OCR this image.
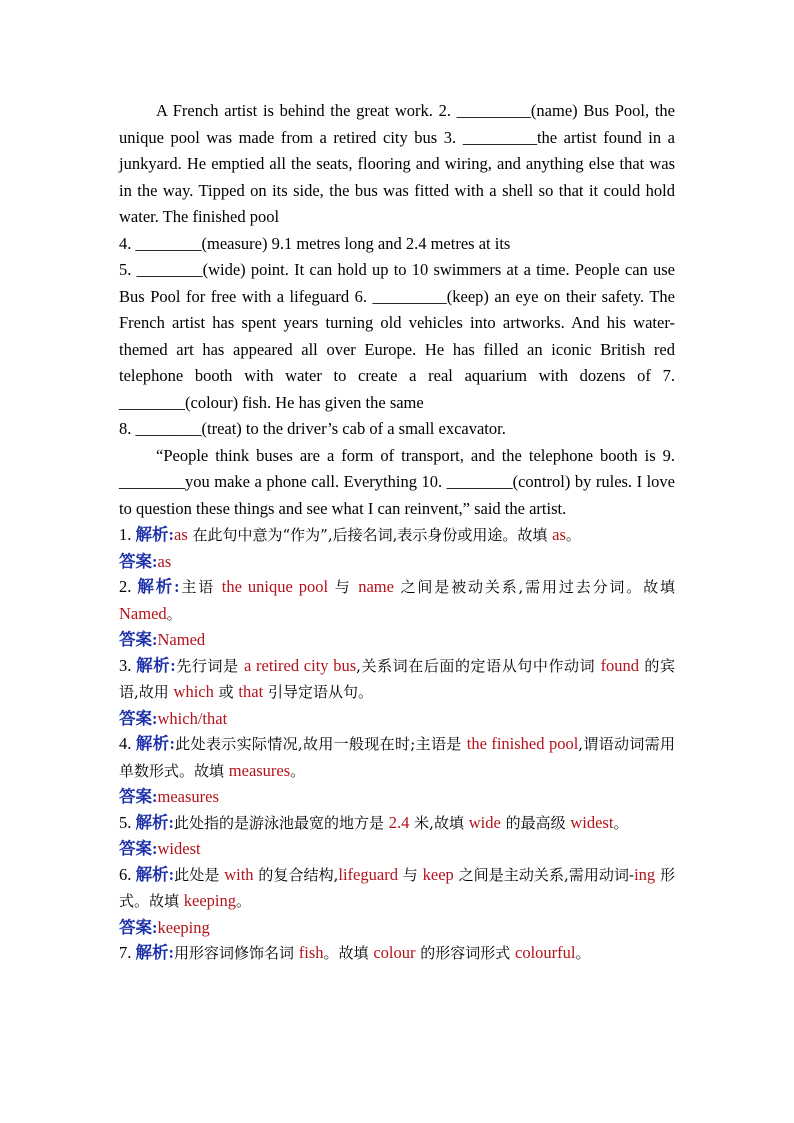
A French artist is behind the great work. 2. _________(name) Bus Pool, the unique pool was made from a retired city bus 3. _________the artist found in a junkyard. He emptied all the seats, flooring and wiring, and anything else that was in the way. Tipped on its side, the bus was fitted with a shell so that it could hold water. The finished pool

4. ________(measure) 9.1 metres long and 2.4 metres at its

5. ________(wide) point. It can hold up to 10 swimmers at a time. People can use Bus Pool for free with a lifeguard 6. _________(keep) an eye on their safety. The French artist has spent years turning old vehicles into artworks. And his water-themed art has appeared all over Europe. He has filled an iconic British red telephone booth with water to create a real aquarium with dozens of 7. ________(colour) fish. He has given the same

8. ________(treat) to the driver’s cab of a small excavator.

“People think buses are a form of transport, and the telephone booth is 9. ________you make a phone call. Everything 10. ________(control) by rules. I love to question these things and see what I can reinvent,” said the artist.

1. 解析:as 在此句中意为“作为”,后接名词,表示身份或用途。故填 as。
答案:as
2. 解析:主语 the unique pool 与 name 之间是被动关系,需用过去分词。故填 Named。
答案:Named
3. 解析:先行词是 a retired city bus,关系词在后面的定语从句中作动词 found 的宾语,故用 which 或 that 引导定语从句。
答案:which/that
4. 解析:此处表示实际情况,故用一般现在时;主语是 the finished pool,谓语动词需用单数形式。故填 measures。
答案:measures
5. 解析:此处指的是游泳池最宽的地方是 2.4 米,故填 wide 的最高级 widest。
答案:widest
6. 解析:此处是 with 的复合结构,lifeguard 与 keep 之间是主动关系,需用动词-ing 形式。故填 keeping。
答案:keeping
7. 解析:用形容词修饰名词 fish。故填 colour 的形容词形式 colourful。
